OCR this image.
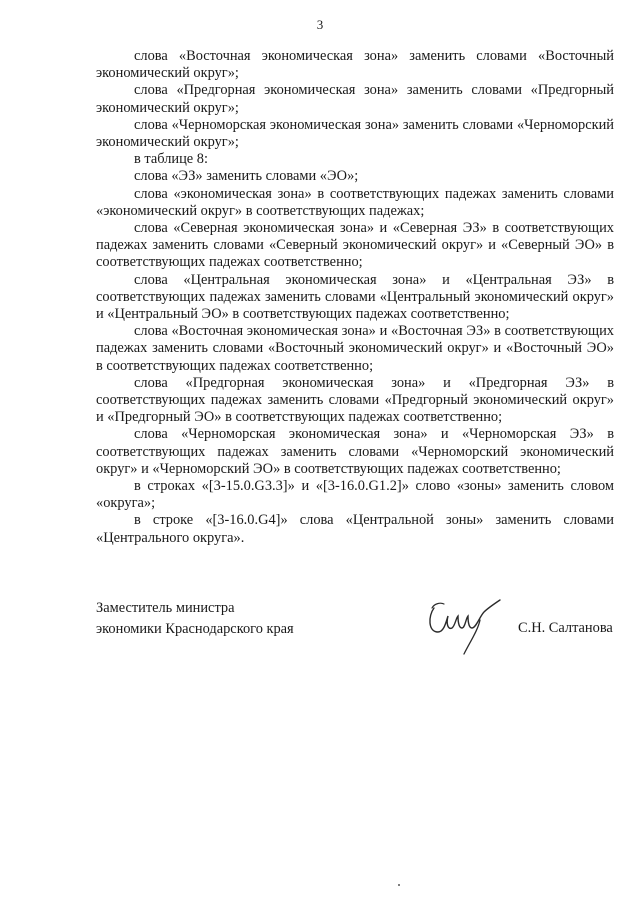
3

слова «Восточная экономическая зона» заменить словами «Восточный экономический округ»;

слова «Предгорная экономическая зона» заменить словами «Предгорный экономический округ»;

слова «Черноморская экономическая зона» заменить словами «Черноморский экономический округ»;

в таблице 8:

слова «ЭЗ» заменить словами «ЭО»;

слова «экономическая зона» в соответствующих падежах заменить словами «экономический округ» в соответствующих падежах;

слова «Северная экономическая зона» и «Северная ЭЗ» в соответствующих падежах заменить словами «Северный экономический округ» и «Северный ЭО» в соответствующих падежах соответственно;

слова «Центральная экономическая зона» и «Центральная ЭЗ» в соответствующих падежах заменить словами «Центральный экономический округ» и «Центральный ЭО» в соответствующих падежах соответственно;

слова «Восточная экономическая зона» и «Восточная ЭЗ» в соответствующих падежах заменить словами «Восточный экономический округ» и «Восточный ЭО» в соответствующих падежах соответственно;

слова «Предгорная экономическая зона» и «Предгорная ЭЗ» в соответствующих падежах заменить словами «Предгорный экономический округ» и «Предгорный ЭО» в соответствующих падежах соответственно;

слова «Черноморская экономическая зона» и «Черноморская ЭЗ» в соответствующих падежах заменить словами «Черноморский экономический округ» и «Черноморский ЭО» в соответствующих падежах соответственно;

в строках «[3-15.0.G3.3]» и «[3-16.0.G1.2]» слово «зоны» заменить словом «округа»;

в строке «[3-16.0.G4]» слова «Центральной зоны» заменить словами «Центрального округа».

Заместитель министра
экономики Краснодарского края	С.Н. Салтанова
